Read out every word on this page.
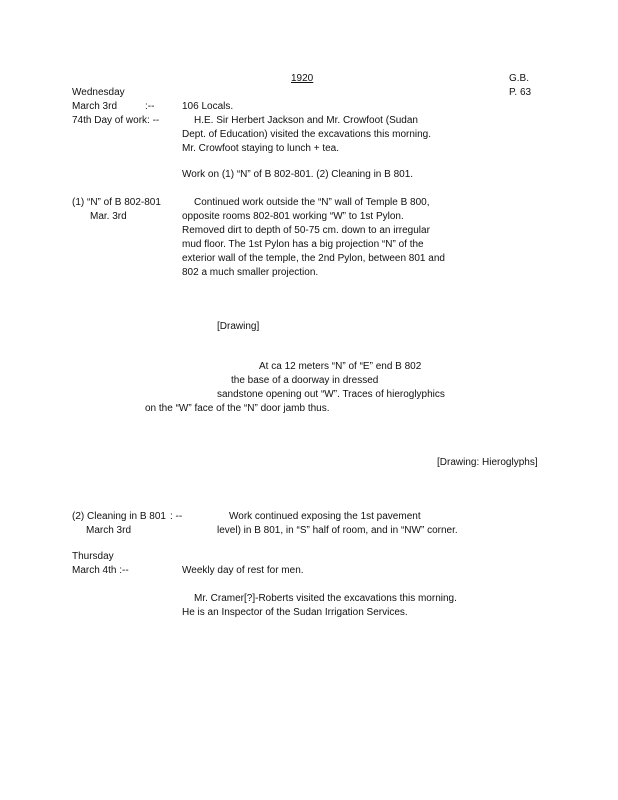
1920	G.B.
P. 63
Wednesday
March 3rd	:--	106 Locals.
74th Day of work: --	H.E. Sir Herbert Jackson and Mr. Crowfoot (Sudan
Dept. of Education) visited the excavations this morning.
Mr. Crowfoot staying to lunch + tea.
Work on (1) “N” of B 802-801. (2) Cleaning in B 801.
(1) “N” of B 802-801
Mar. 3rd
Continued work outside the “N” wall of Temple B 800,
opposite rooms 802-801 working “W” to 1st Pylon.
Removed dirt to depth of 50-75 cm. down to an irregular
mud floor. The 1st Pylon has a big projection “N” of the
exterior wall of the temple, the 2nd Pylon, between 801 and
802 a much smaller projection.
[Drawing]
At ca 12 meters “N” of “E” end B 802
the base of a doorway in dressed
sandstone opening out “W”. Traces of hieroglyphics
on the “W” face of the “N” door jamb thus.
[Drawing: Hieroglyphs]
(2) Cleaning in B 801 : --
March 3rd
Work continued exposing the 1st pavement
level) in B 801, in “S” half of room, and in “NW” corner.
Thursday
March 4th :--	Weekly day of rest for men.
Mr. Cramer[?]-Roberts visited the excavations this morning.
He is an Inspector of the Sudan Irrigation Services.
